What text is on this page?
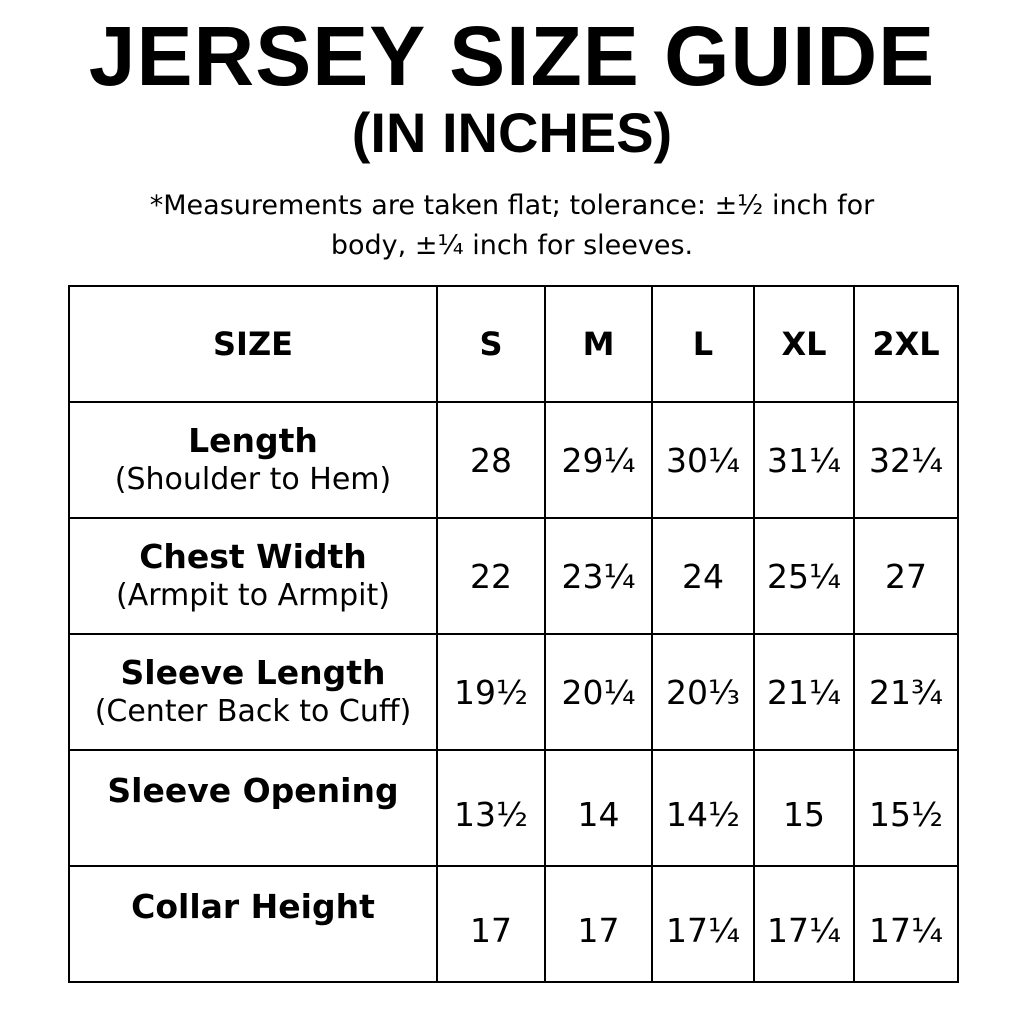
JERSEY SIZE GUIDE
(IN INCHES)

*Measurements are taken flat; tolerance: ±½ inch for body, ±¼ inch for sleeves.

SIZE	S	M	L	XL	2XL

Length
(Shoulder to Hem)	28	29¼	30¼	31¼	32¼

Chest Width
(Armpit to Armpit)	22	23¼	24	25¼	27

Sleeve Length
(Center Back to Cuff)	19½	20¼	20⅓	21¼	21¾

Sleeve Opening	13½	14	14½	15	15½

Collar Height	17	17	17¼	17¼	17¼
